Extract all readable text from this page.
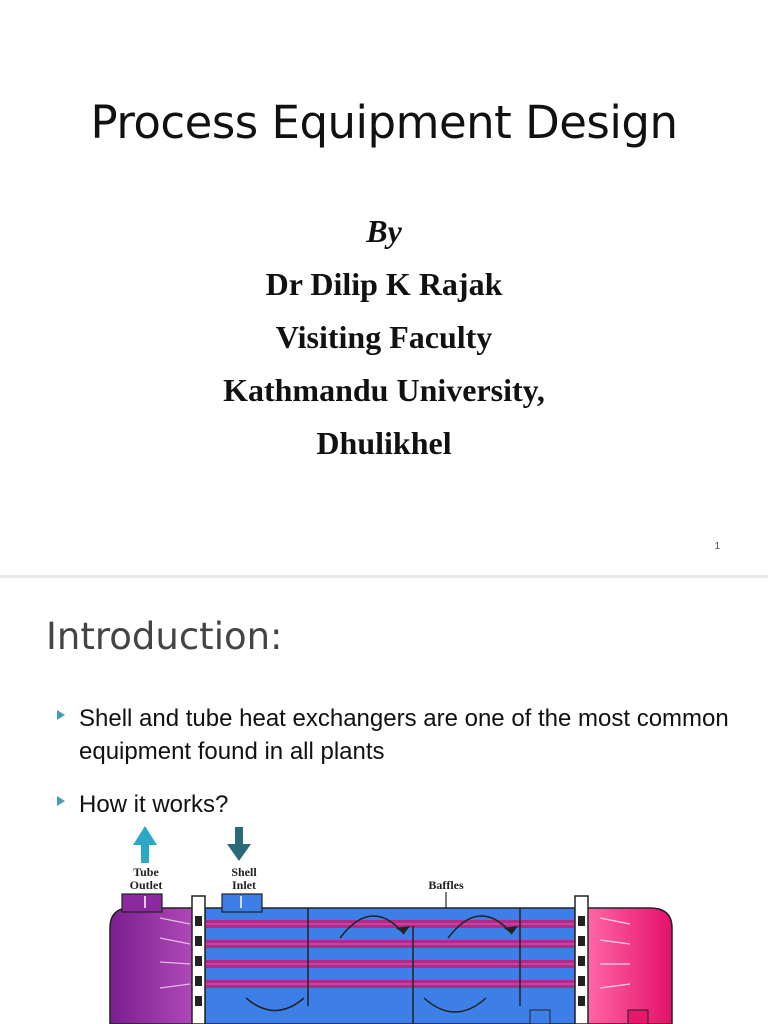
Process Equipment Design
By
Dr Dilip K Rajak
Visiting Faculty
Kathmandu University,
Dhulikhel
1
Introduction:
Shell and tube heat exchangers are one of the most common equipment found in all plants
How it works?
Tube
Outlet
Shell
Inlet	Baffles
